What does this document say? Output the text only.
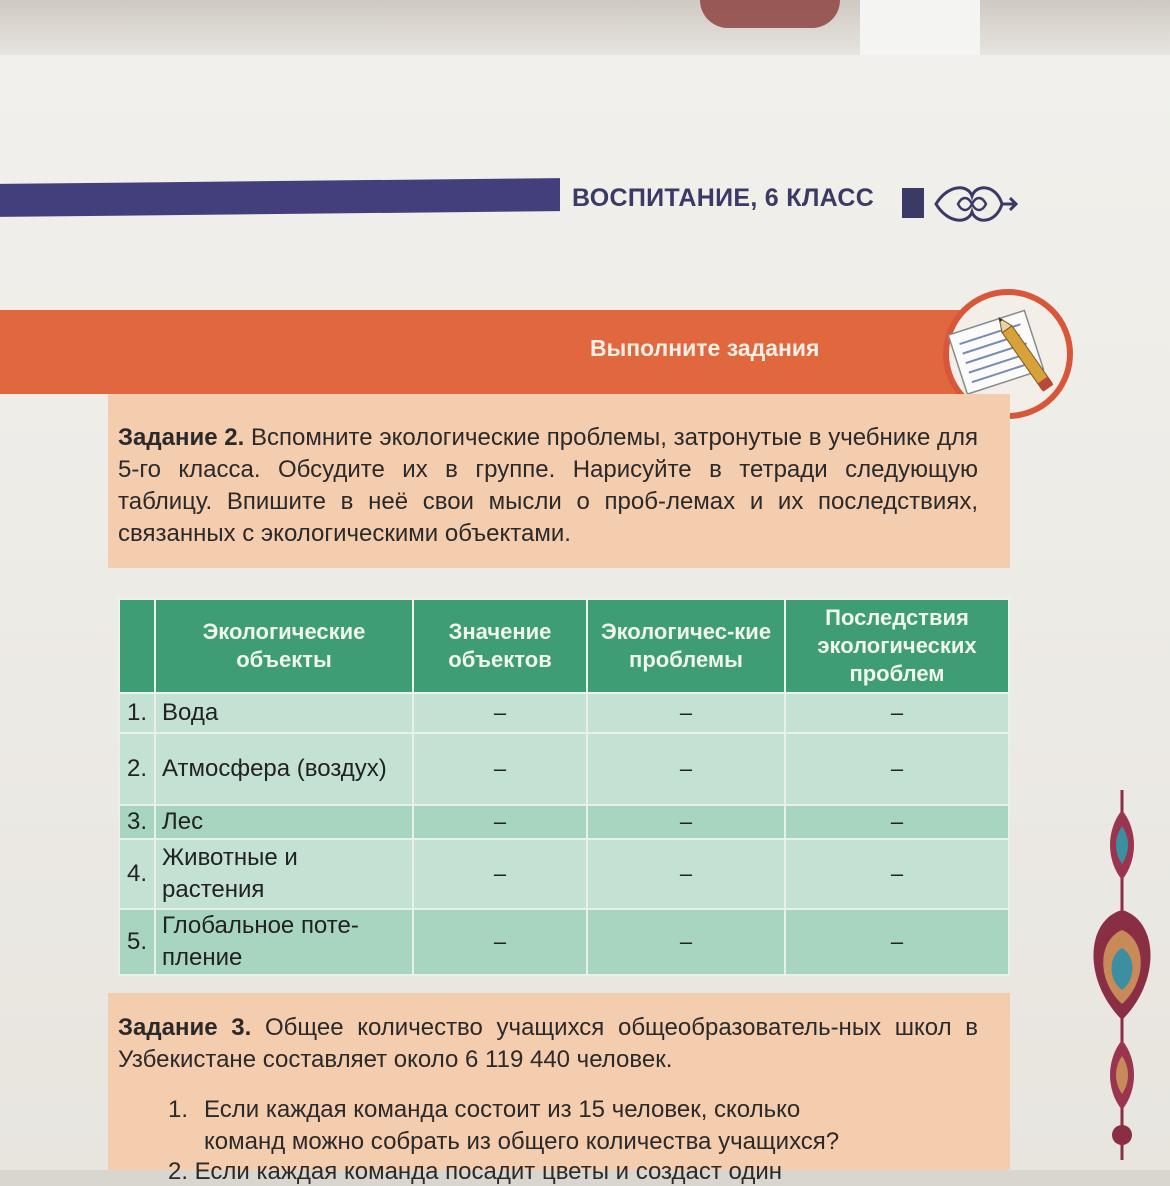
ВОСПИТАНИЕ, 6 КЛАСС
Выполните задания
Задание 2. Вспомните экологические проблемы, затронутые в учебнике для 5-го класса. Обсудите их в группе. Нарисуйте в тетради следующую таблицу. Впишите в неё свои мысли о проб-лемах и их последствиях, связанных с экологическими объектами.
	Экологические объекты	Значение объектов	Экологичес-кие проблемы	Последствия экологических проблем
1.	Вода	–	–	–
2.	Атмосфера (воздух)	–	–	–
3.	Лес	–	–	–
4.	Животные и растения	–	–	–
5.	Глобальное поте-пление	–	–	–
Задание 3. Общее количество учащихся общеобразователь-ных школ в Узбекистане составляет около 6 119 440 человек.
1. Если каждая команда состоит из 15 человек, сколько
команд можно собрать из общего количества учащихся?
2. Если каждая команда посадит цветы и создаст один
